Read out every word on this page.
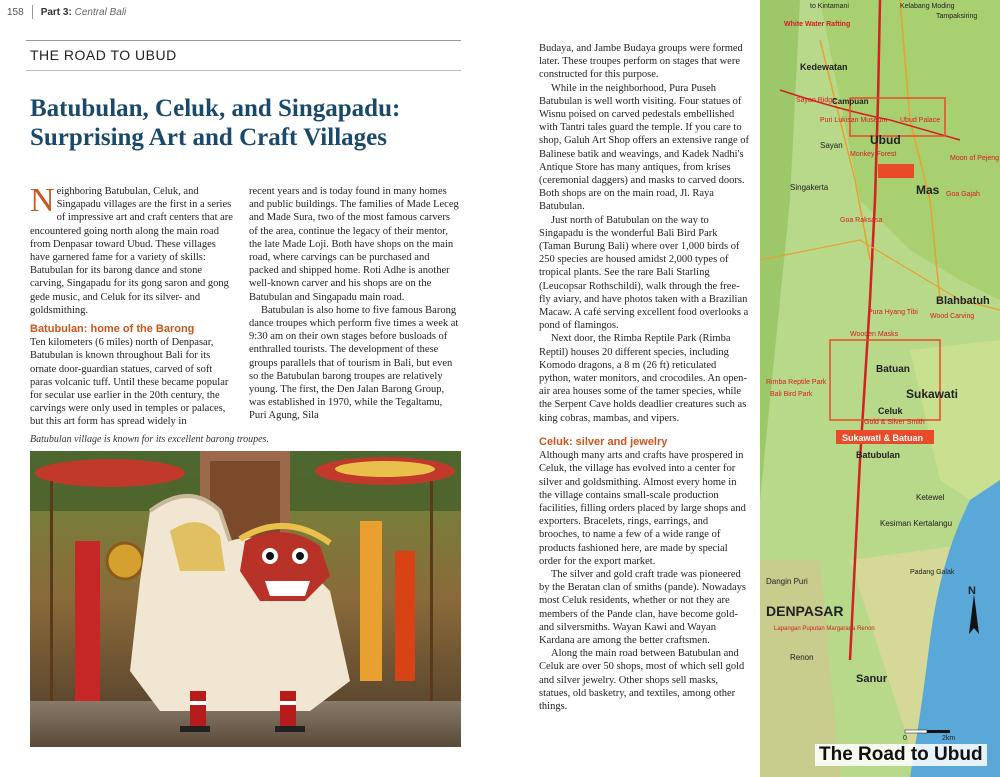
158 Part 3: Central Bali
THE ROAD TO UBUD
Batubulan, Celuk, and Singapadu: Surprising Art and Craft Villages

Neighboring Batubulan, Celuk, and Singapadu villages are the first in a series of impressive art and craft centers that are encountered going north along the main road from Denpasar toward Ubud. These villages have garnered fame for a variety of skills: Batubulan for its barong dance and stone carving, Singapadu for its gong saron and gong gede music, and Celuk for its silver- and goldsmithing.

Batubulan: home of the Barong

Ten kilometers (6 miles) north of Denpasar, Batubulan is known throughout Bali for its ornate door-guardian statues, carved of soft paras volcanic tuff. Until these became popular for secular use earlier in the 20th century, the carvings were only used in temples or palaces, but this art form has spread widely in

recent years and is today found in many homes and public buildings. The families of Made Leceg and Made Sura, two of the most famous carvers of the area, continue the legacy of their mentor, the late Made Loji. Both have shops on the main road, where carvings can be purchased and packed and shipped home. Roti Adhe is another well-known carver and his shops are on the Batubulan and Singapadu main road.

Batubulan is also home to five famous Barong dance troupes which perform five times a week at 9:30 am on their own stages before busloads of enthralled tourists. The development of these groups parallels that of tourism in Bali, but even so the Batubulan barong troupes are relatively young. The first, the Den Jalan Barong Group, was established in 1970, while the Tegaltamu, Puri Agung, Sila

Budaya, and Jambe Budaya groups were formed later. These troupes perform on stages that were constructed for this purpose.

While in the neighborhood, Pura Puseh Batubulan is well worth visiting. Four statues of Wisnu poised on carved pedestals embellished with Tantri tales guard the temple. If you care to shop, Galuh Art Shop offers an extensive range of Balinese batik and weavings, and Kadek Nadhi's Antique Store has many antiques, from krises (ceremonial daggers) and masks to carved doors. Both shops are on the main road, Jl. Raya Batubulan.

Just north of Batubulan on the way to Singapadu is the wonderful Bali Bird Park (Taman Burung Bali) where over 1,000 birds of 250 species are housed amidst 2,000 types of tropical plants. See the rare Bali Starling (Leucopsar Rothschildi), walk through the free-fly aviary, and have photos taken with a Brazilian Macaw. A café serving excellent food overlooks a pond of flamingos.

Next door, the Rimba Reptile Park (Rimba Reptil) houses 20 different species, including Komodo dragons, a 8 m (26 ft) reticulated python, water monitors, and crocodiles. An open-air area houses some of the tamer species, while the Serpent Cave holds deadlier creatures such as king cobras, mambas, and vipers.

Celuk: silver and jewelry

Although many arts and crafts have prospered in Celuk, the village has evolved into a center for silver and goldsmithing. Almost every home in the village contains small-scale production facilities, filling orders placed by large shops and exporters. Bracelets, rings, earrings, and brooches, to name a few of a wide range of products fashioned here, are made by special order for the export market.

The silver and gold craft trade was pioneered by the Beratan clan of smiths (pande). Nowadays most Celuk residents, whether or not they are members of the Pande clan, have become gold- and silversmiths. Wayan Kawi and Wayan Kardana are among the better craftsmen.

Along the main road between Batubulan and Celuk are over 50 shops, most of which sell gold and silver jewelry. Other shops sell masks, statues, old basketry, and textiles, among other things.

Batubulan village is known for its excellent barong troupes.
to Kintamani	Kelabang Moding
Tampaksiring
White Water Rafting
Kedewatan
Sayan Ridge
Campuan
Puri Lukisan Museum Ubud Palace
Ubud
Sayan
Monkey Forest
Moon of Pejeng
Mas
Singakerta
Goa Gajah
Goa Raksasa
Blahbatuh
Pura Hyang Tibi
Wooden Masks
Wood Carving
Batuan
Rimba Reptile Park
Bali Bird Park	Sukawati
Celuk
Gold & Silver Smith
Sukawati & Batuan
Batubulan
Ketewel
Kesiman Kertalangu
DENPASAR
Lapangan Puputan Margarana Renon
Renon
Sanur
Padang Galak
Dangin Puri
N
0	2km
The Road to Ubud
